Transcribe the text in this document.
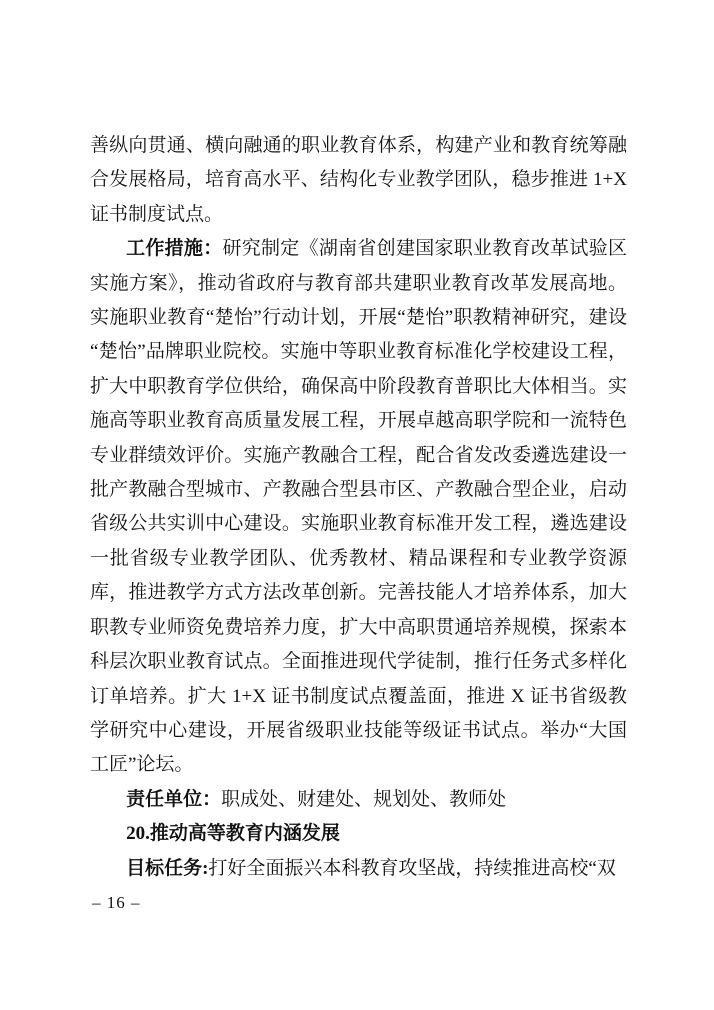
善纵向贯通、横向融通的职业教育体系，构建产业和教育统筹融合发展格局，培育高水平、结构化专业教学团队，稳步推进 1+X 证书制度试点。

工作措施：研究制定《湖南省创建国家职业教育改革试验区实施方案》，推动省政府与教育部共建职业教育改革发展高地。实施职业教育“楚怡”行动计划，开展“楚怡”职教精神研究，建设“楚怡”品牌职业院校。实施中等职业教育标准化学校建设工程，扩大中职教育学位供给，确保高中阶段教育普职比大体相当。实施高等职业教育高质量发展工程，开展卓越高职学院和一流特色专业群绩效评价。实施产教融合工程，配合省发改委遴选建设一批产教融合型城市、产教融合型县市区、产教融合型企业，启动省级公共实训中心建设。实施职业教育标准开发工程，遴选建设一批省级专业教学团队、优秀教材、精品课程和专业教学资源库，推进教学方式方法改革创新。完善技能人才培养体系，加大职教专业师资免费培养力度，扩大中高职贯通培养规模，探索本科层次职业教育试点。全面推进现代学徒制，推行任务式多样化订单培养。扩大 1+X 证书制度试点覆盖面，推进 X 证书省级教学研究中心建设，开展省级职业技能等级证书试点。举办“大国工匠”论坛。

责任单位：职成处、财建处、规划处、教师处

20.推动高等教育内涵发展

目标任务:打好全面振兴本科教育攻坚战，持续推进高校“双

– 16 –
